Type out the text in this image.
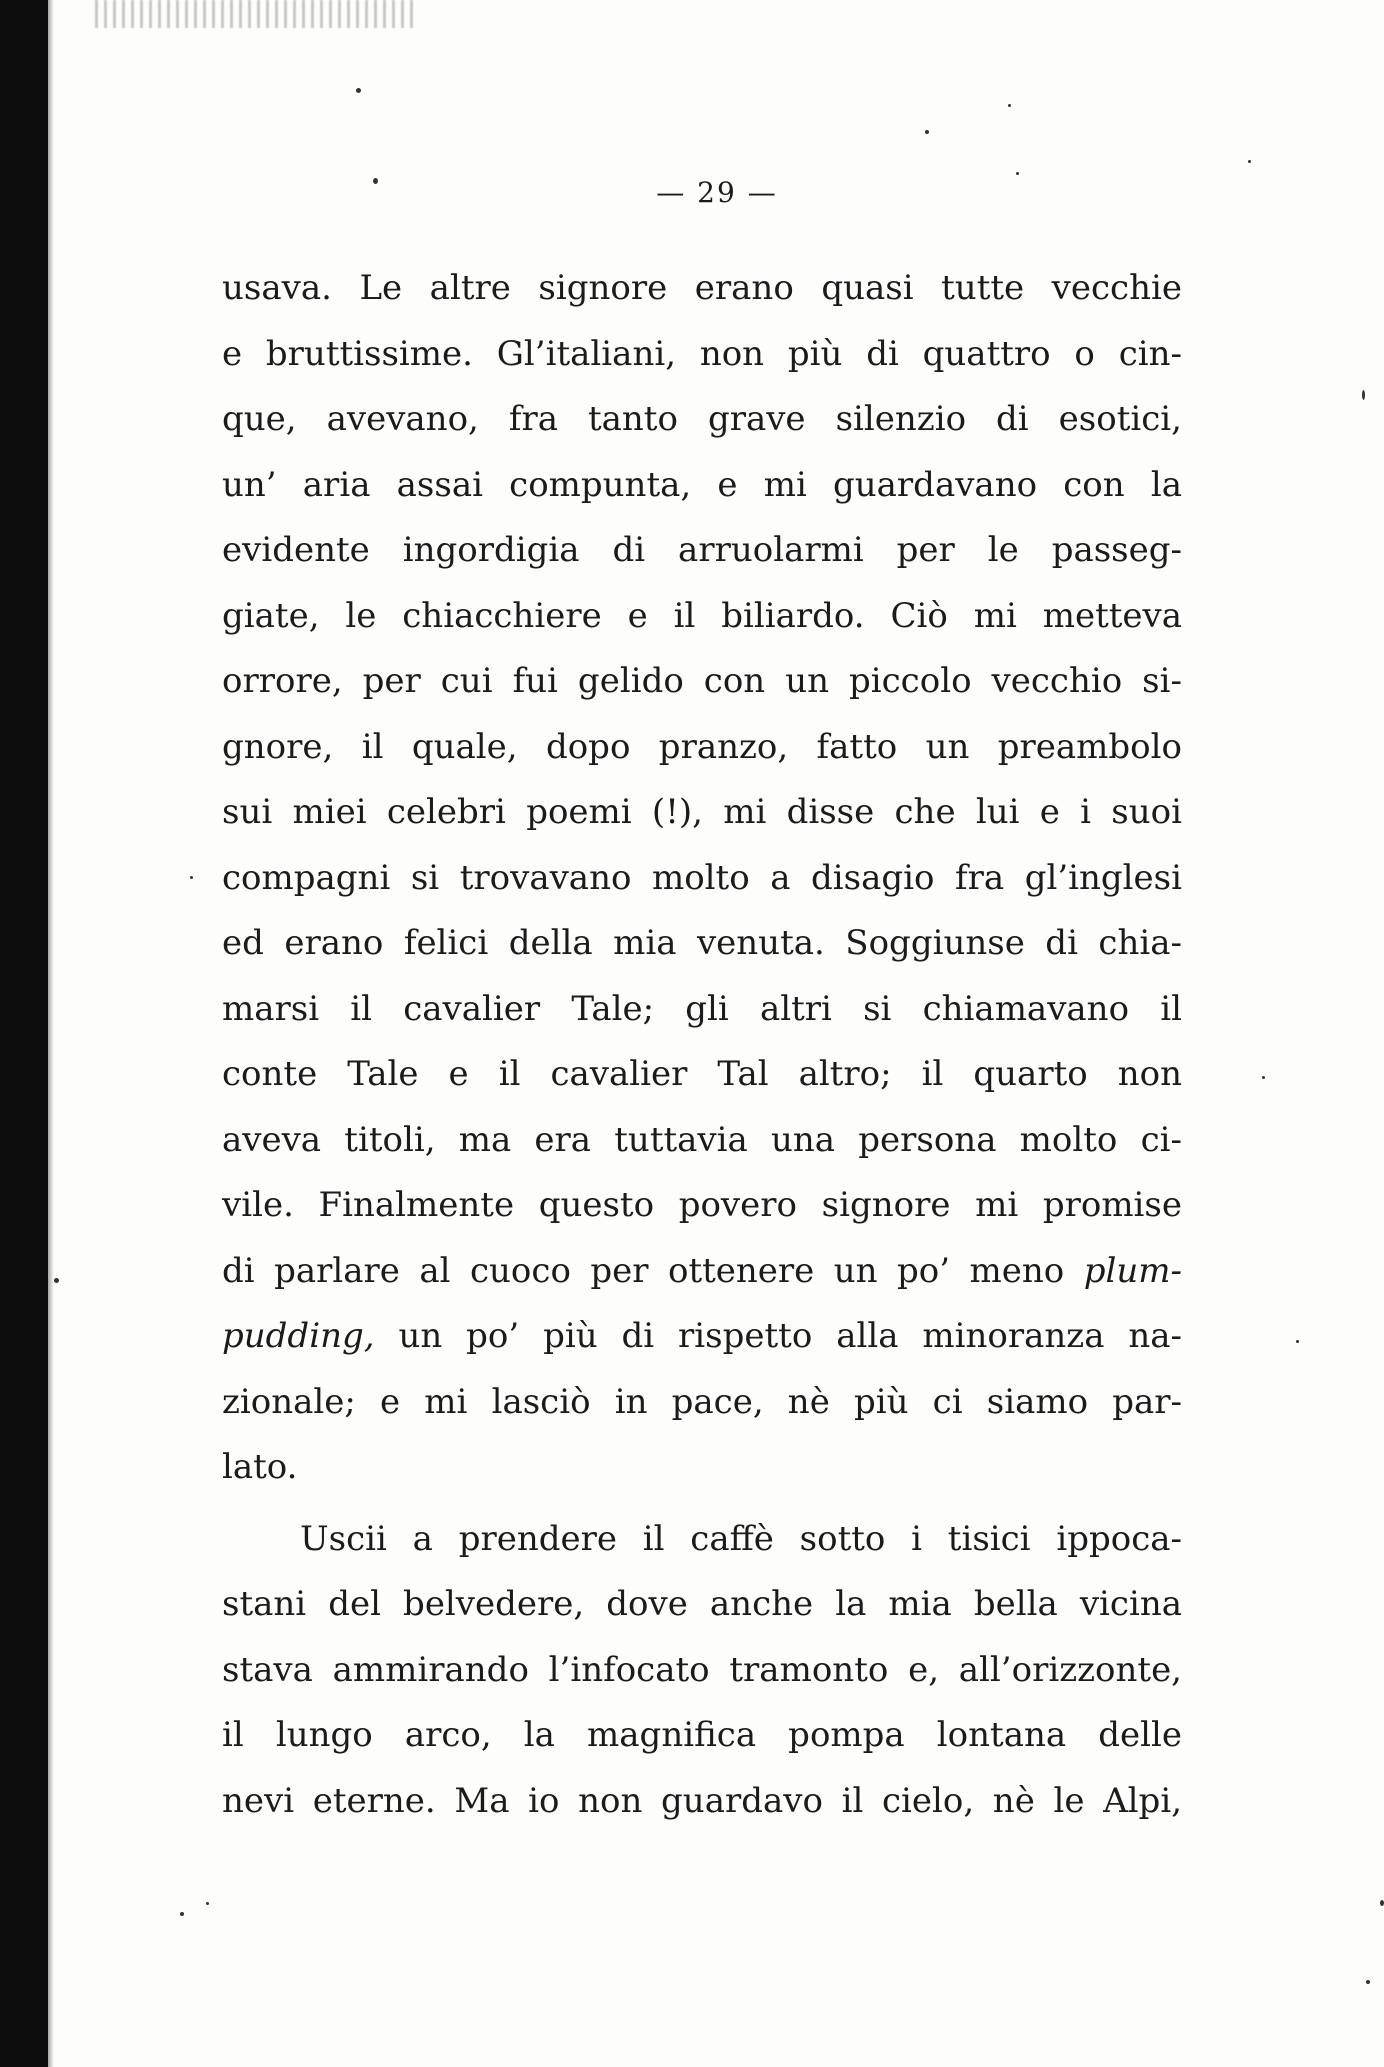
— 29 —
usava. Le altre signore erano quasi tutte vecchie
e bruttissime. Gl’italiani, non più di quattro o cin-
que, avevano, fra tanto grave silenzio di esotici,
un’ aria assai compunta, e mi guardavano con la
evidente ingordigia di arruolarmi per le passeg-
giate, le chiacchiere e il biliardo. Ciò mi metteva
orrore, per cui fui gelido con un piccolo vecchio si-
gnore, il quale, dopo pranzo, fatto un preambolo
sui miei celebri poemi (!), mi disse che lui e i suoi
compagni si trovavano molto a disagio fra gl’inglesi
ed erano felici della mia venuta. Soggiunse di chia-
marsi il cavalier Tale; gli altri si chiamavano il
conte Tale e il cavalier Tal altro; il quarto non
aveva titoli, ma era tuttavia una persona molto ci-
vile. Finalmente questo povero signore mi promise
di parlare al cuoco per ottenere un po’ meno plum-
pudding, un po’ più di rispetto alla minoranza na-
zionale; e mi lasciò in pace, nè più ci siamo par-
lato.
Uscii a prendere il caffè sotto i tisici ippoca-
stani del belvedere, dove anche la mia bella vicina
stava ammirando l’infocato tramonto e, all’orizzonte,
il lungo arco, la magnifica pompa lontana delle
nevi eterne. Ma io non guardavo il cielo, nè le Alpi,
